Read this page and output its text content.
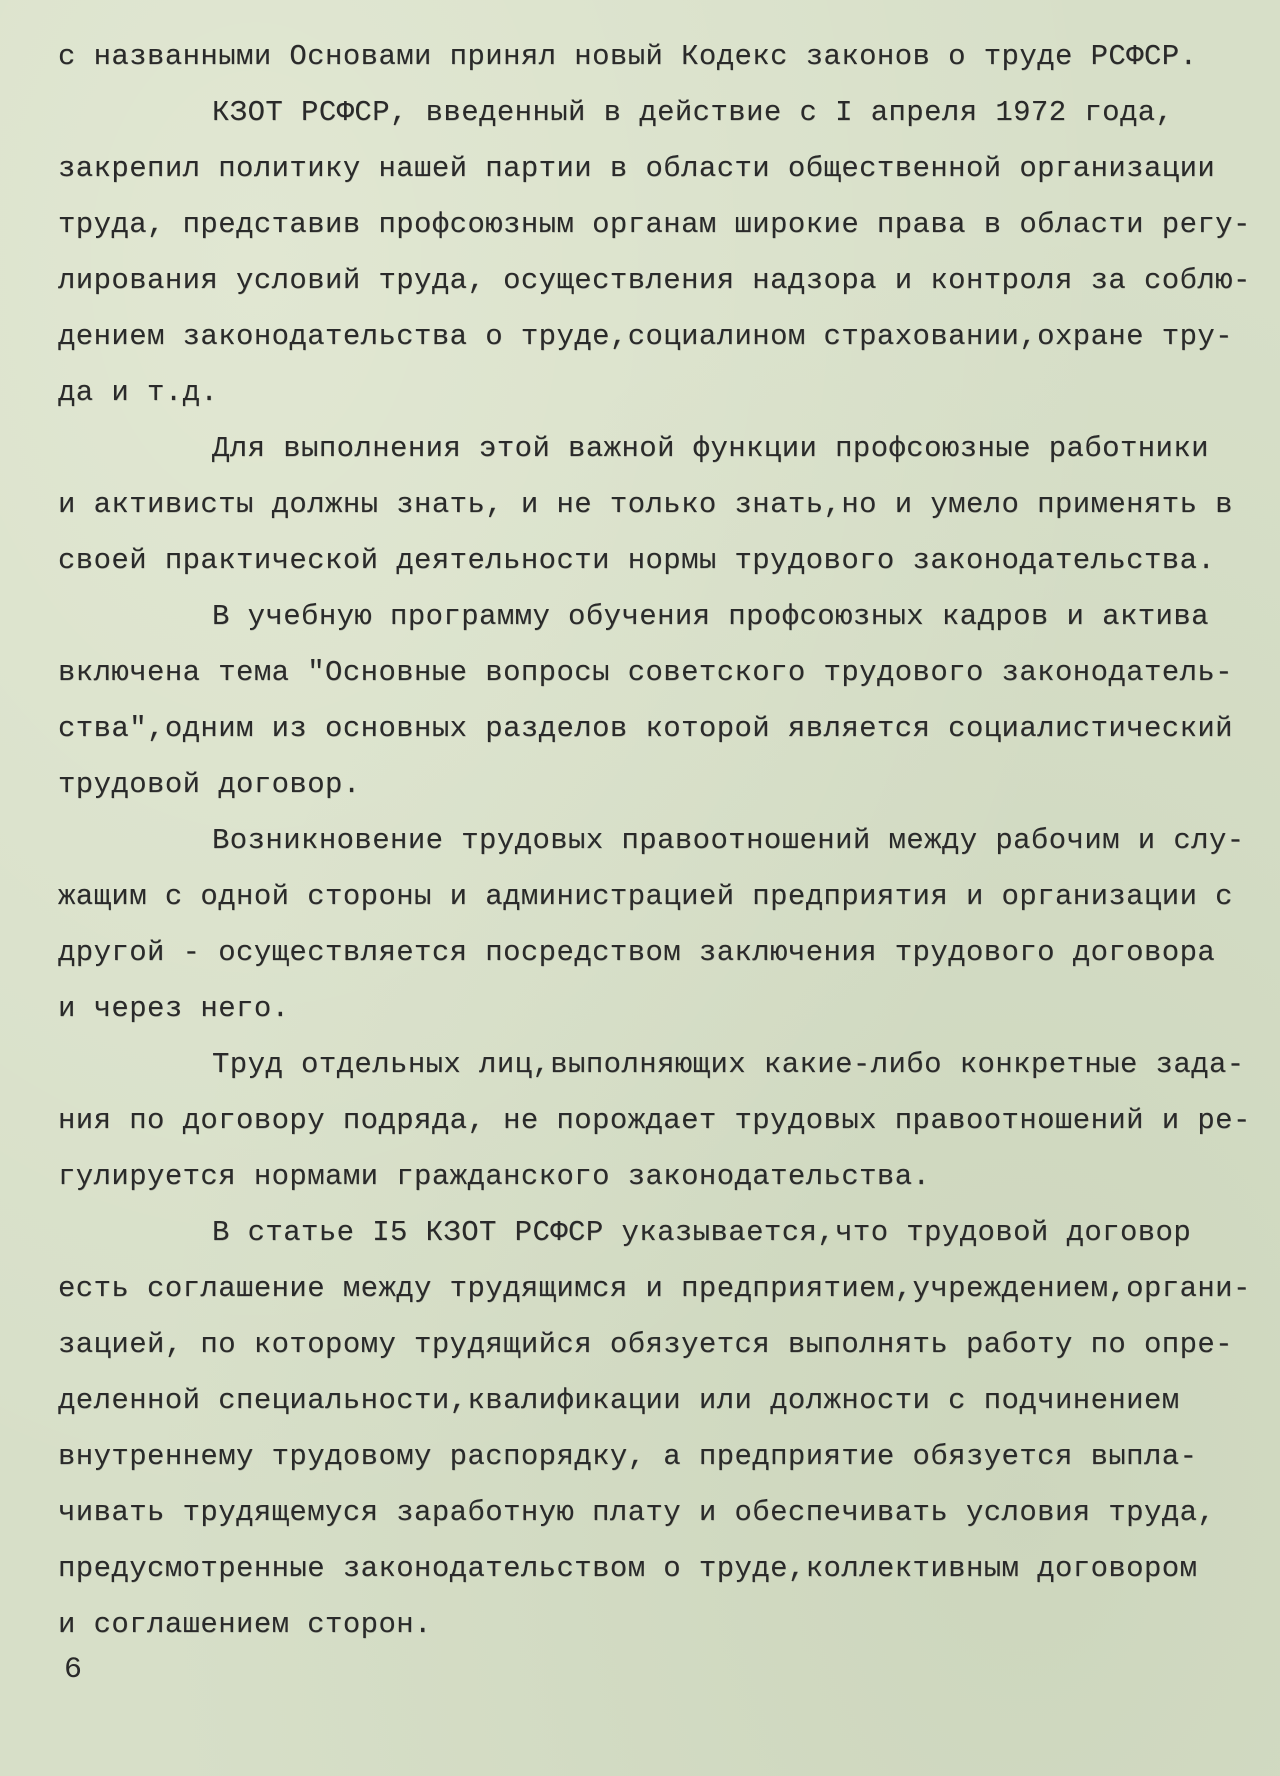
с названными Основами принял новый Кодекс законов о труде РСФСР.
КЗОТ РСФСР, введенный в действие с I апреля 1972 года,
закрепил политику нашей партии в области общественной организации
труда, представив профсоюзным органам широкие права в области регу-
лирования условий труда, осуществления надзора и контроля за соблю-
дением законодательства о труде,социалином страховании,охране тру-
да и т.д.
Для выполнения этой важной функции профсоюзные работники
и активисты должны знать, и не только знать,но и умело применять в
своей практической деятельности нормы трудового законодательства.
В учебную программу обучения профсоюзных кадров и актива
включена тема "Основные вопросы советского трудового законодатель-
ства",одним из основных разделов которой является социалистический
трудовой договор.
Возникновение трудовых правоотношений между рабочим и слу-
жащим с одной стороны и администрацией предприятия и организации с
другой - осуществляется посредством заключения трудового договора
и через него.
Труд отдельных лиц,выполняющих какие-либо конкретные зада-
ния по договору подряда, не порождает трудовых правоотношений и ре-
гулируется нормами гражданского законодательства.
В статье I5 КЗОТ РСФСР указывается,что трудовой договор
есть соглашение между трудящимся и предприятием,учреждением,органи-
зацией, по которому трудящийся обязуется выполнять работу по опре-
деленной специальности,квалификации или должности с подчинением
внутреннему трудовому распорядку, а предприятие обязуется выпла-
чивать трудящемуся заработную плату и обеспечивать условия труда,
предусмотренные законодательством о труде,коллективным договором
и соглашением сторон.
6
